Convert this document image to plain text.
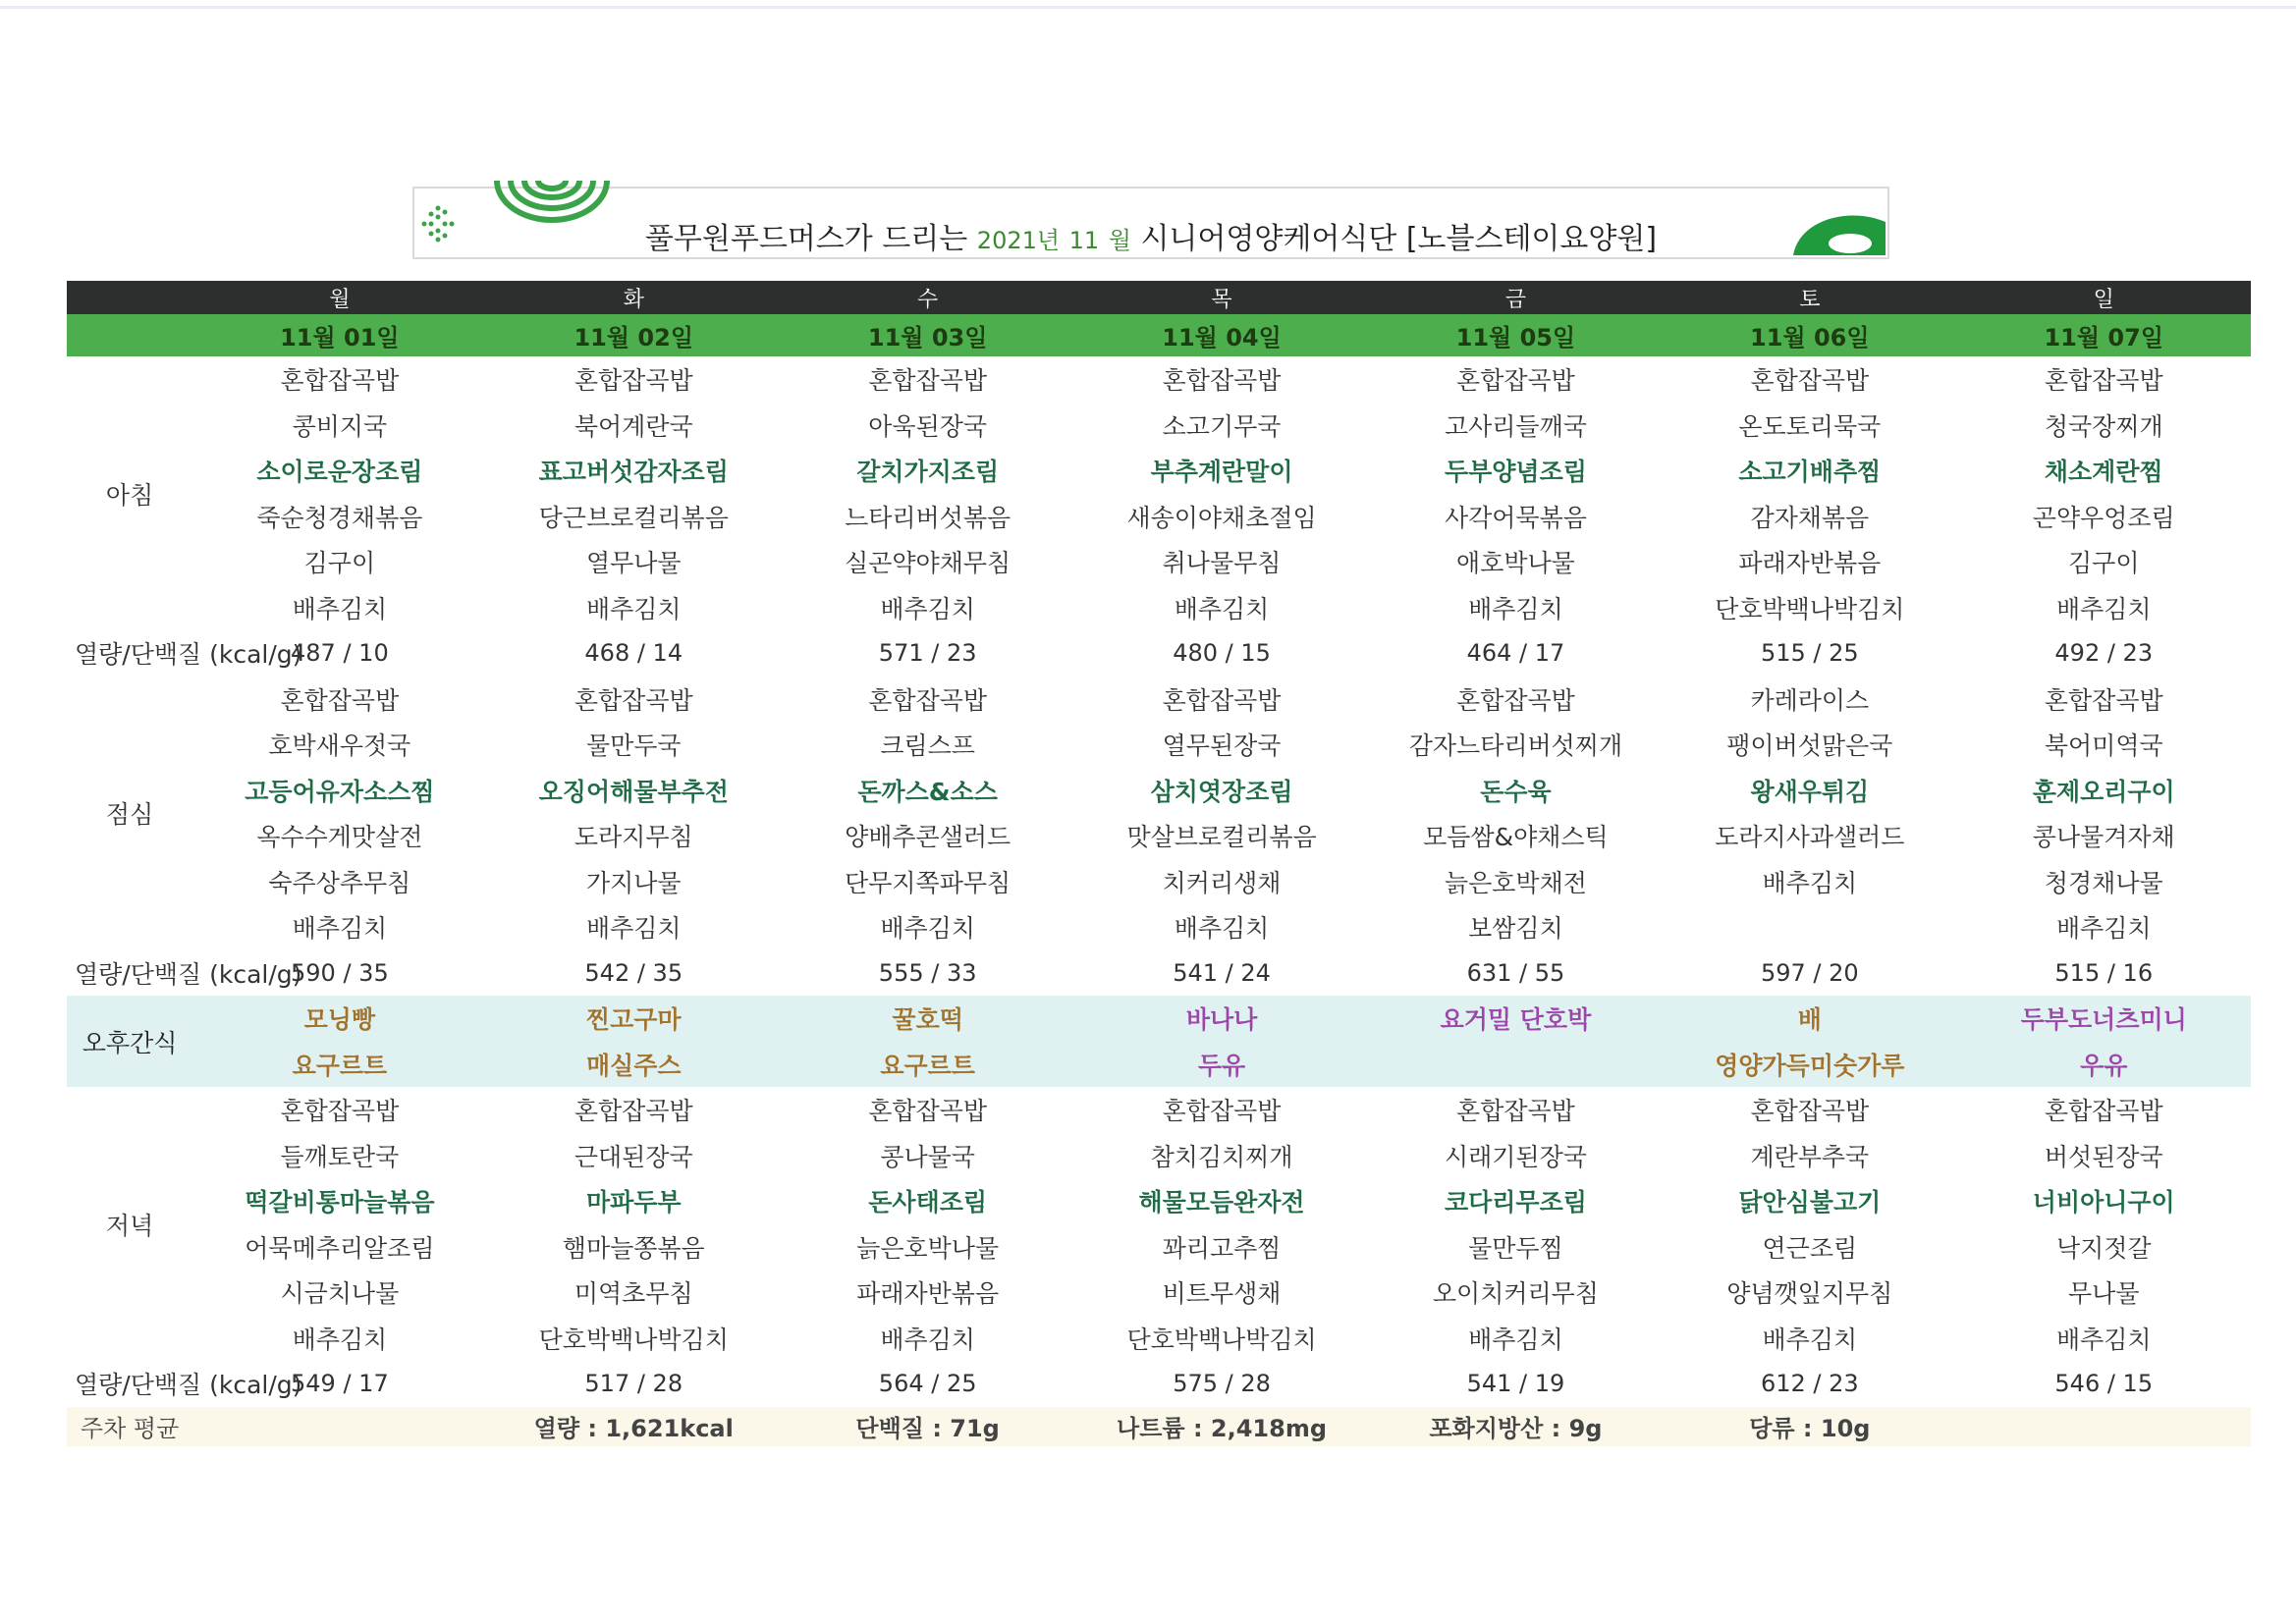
풀무원푸드머스가 드리는 2021년 11 월 시니어영양케어식단 [노블스테이요양원]
	월	화	수	목	금	토	일
	11월 01일	11월 02일	11월 03일	11월 04일	11월 05일	11월 06일	11월 07일
아침	혼합잡곡밥	혼합잡곡밥	혼합잡곡밥	혼합잡곡밥	혼합잡곡밥	혼합잡곡밥	혼합잡곡밥
	콩비지국	북어계란국	아욱된장국	소고기무국	고사리들깨국	온도토리묵국	청국장찌개
	소이로운장조림	표고버섯감자조림	갈치가지조림	부추계란말이	두부양념조림	소고기배추찜	채소계란찜
	죽순청경채볶음	당근브로컬리볶음	느타리버섯볶음	새송이야채초절임	사각어묵볶음	감자채볶음	곤약우엉조림
	김구이	열무나물	실곤약야채무침	취나물무침	애호박나물	파래자반볶음	김구이
	배추김치	배추김치	배추김치	배추김치	배추김치	단호박백나박김치	배추김치
열량/단백질 (kcal/g)	487 / 10	468 / 14	571 / 23	480 / 15	464 / 17	515 / 25	492 / 23
점심	혼합잡곡밥	혼합잡곡밥	혼합잡곡밥	혼합잡곡밥	혼합잡곡밥	카레라이스	혼합잡곡밥
	호박새우젓국	물만두국	크림스프	열무된장국	감자느타리버섯찌개	팽이버섯맑은국	북어미역국
	고등어유자소스찜	오징어해물부추전	돈까스&소스	삼치엿장조림	돈수육	왕새우튀김	훈제오리구이
	옥수수게맛살전	도라지무침	양배추콘샐러드	맛살브로컬리볶음	모듬쌈&야채스틱	도라지사과샐러드	콩나물겨자채
	숙주상추무침	가지나물	단무지쪽파무침	치커리생채	늙은호박채전	배추김치	청경채나물
	배추김치	배추김치	배추김치	배추김치	보쌈김치		배추김치
열량/단백질 (kcal/g)	590 / 35	542 / 35	555 / 33	541 / 24	631 / 55	597 / 20	515 / 16
오후간식	모닝빵	찐고구마	꿀호떡	바나나	요거밀 단호박	배	두부도너츠미니
	요구르트	매실주스	요구르트	두유		영양가득미숫가루	우유
저녁	혼합잡곡밥	혼합잡곡밥	혼합잡곡밥	혼합잡곡밥	혼합잡곡밥	혼합잡곡밥	혼합잡곡밥
	들깨토란국	근대된장국	콩나물국	참치김치찌개	시래기된장국	계란부추국	버섯된장국
	떡갈비통마늘볶음	마파두부	돈사태조림	해물모듬완자전	코다리무조림	닭안심불고기	너비아니구이
	어묵메추리알조림	햄마늘쫑볶음	늙은호박나물	꽈리고추찜	물만두찜	연근조림	낙지젓갈
	시금치나물	미역초무침	파래자반볶음	비트무생채	오이치커리무침	양념깻잎지무침	무나물
	배추김치	단호박백나박김치	배추김치	단호박백나박김치	배추김치	배추김치	배추김치
열량/단백질 (kcal/g)	549 / 17	517 / 28	564 / 25	575 / 28	541 / 19	612 / 23	546 / 15
주차 평균		열량 : 1,621kcal	단백질 : 71g	나트륨 : 2,418mg	포화지방산 : 9g	당류 : 10g	
